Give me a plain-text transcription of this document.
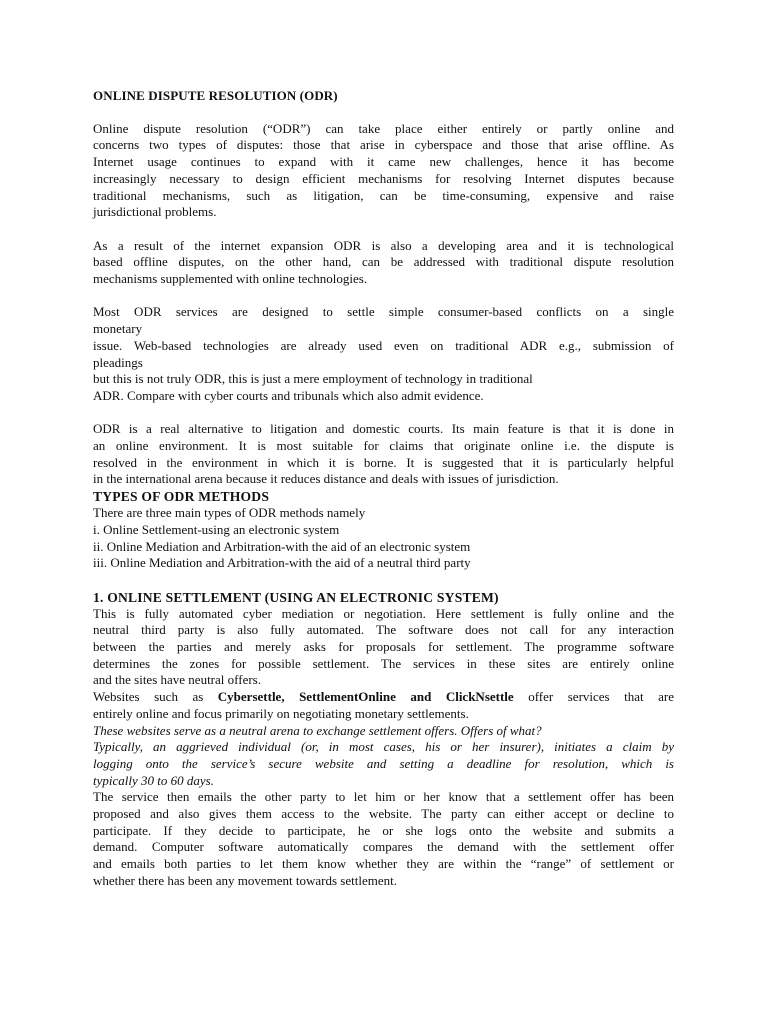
ONLINE DISPUTE RESOLUTION (ODR)
Online dispute resolution (“ODR”) can take place either entirely or partly online and
concerns two types of disputes: those that arise in cyberspace and those that arise offline. As
Internet usage continues to expand with it came new challenges, hence it has become
increasingly necessary to design efficient mechanisms for resolving Internet disputes because
traditional mechanisms, such as litigation, can be time-consuming, expensive and raise
jurisdictional problems.
As a result of the internet expansion ODR is also a developing area and it is technological
based offline disputes, on the other hand, can be addressed with traditional dispute resolution
mechanisms supplemented with online technologies.
Most ODR services are designed to settle simple consumer-based conflicts on a single
monetary
issue. Web-based technologies are already used even on traditional ADR e.g., submission of
pleadings
but this is not truly ODR, this is just a mere employment of technology in traditional
ADR. Compare with cyber courts and tribunals which also admit evidence.
ODR is a real alternative to litigation and domestic courts. Its main feature is that it is done in
an online environment. It is most suitable for claims that originate online i.e. the dispute is
resolved in the environment in which it is borne. It is suggested that it is particularly helpful
in the international arena because it reduces distance and deals with issues of jurisdiction.
TYPES OF ODR METHODS
There are three main types of ODR methods namely
i. Online Settlement-using an electronic system
ii. Online Mediation and Arbitration-with the aid of an electronic system
iii. Online Mediation and Arbitration-with the aid of a neutral third party
1. ONLINE SETTLEMENT (USING AN ELECTRONIC SYSTEM)
This is fully automated cyber mediation or negotiation. Here settlement is fully online and the
neutral third party is also fully automated. The software does not call for any interaction
between the parties and merely asks for proposals for settlement. The programme software
determines the zones for possible settlement. The services in these sites are entirely online
and the sites have neutral offers.
Websites such as Cybersettle, SettlementOnline and ClickNsettle offer services that are
entirely online and focus primarily on negotiating monetary settlements.
These websites serve as a neutral arena to exchange settlement offers. Offers of what?
Typically, an aggrieved individual (or, in most cases, his or her insurer), initiates a claim by
logging onto the service’s secure website and setting a deadline for resolution, which is
typically 30 to 60 days.
The service then emails the other party to let him or her know that a settlement offer has been
proposed and also gives them access to the website. The party can either accept or decline to
participate. If they decide to participate, he or she logs onto the website and submits a
demand. Computer software automatically compares the demand with the settlement offer
and emails both parties to let them know whether they are within the “range” of settlement or
whether there has been any movement towards settlement.
